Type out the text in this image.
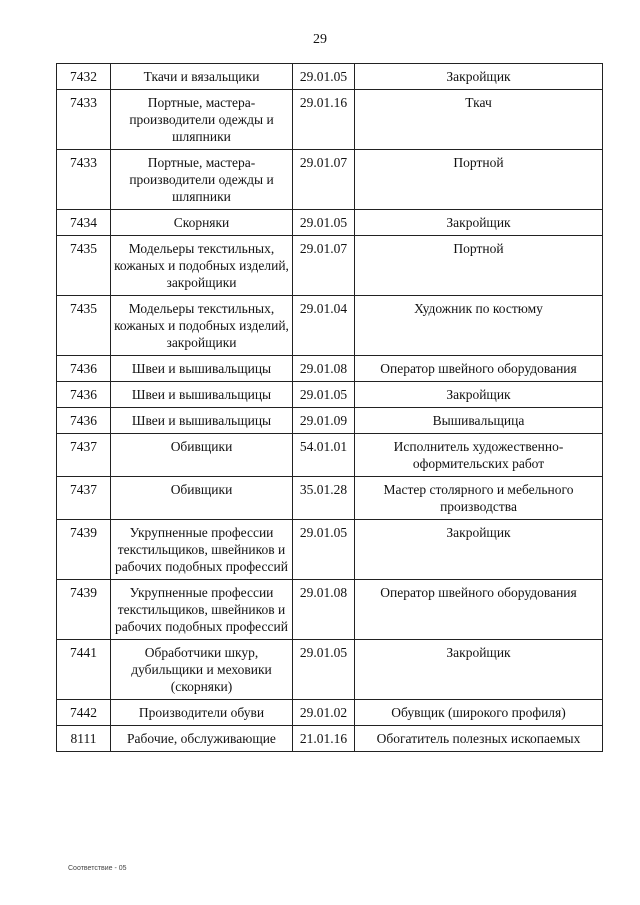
29
7432	Ткачи и вязальщики	29.01.05	Закройщик
7433	Портные, мастера-производители одежды и шляпники	29.01.16	Ткач
7433	Портные, мастера-производители одежды и шляпники	29.01.07	Портной
7434	Скорняки	29.01.05	Закройщик
7435	Модельеры текстильных, кожаных и подобных изделий, закройщики	29.01.07	Портной
7435	Модельеры текстильных, кожаных и подобных изделий, закройщики	29.01.04	Художник по костюму
7436	Швеи и вышивальщицы	29.01.08	Оператор швейного оборудования
7436	Швеи и вышивальщицы	29.01.05	Закройщик
7436	Швеи и вышивальщицы	29.01.09	Вышивальщица
7437	Обивщики	54.01.01	Исполнитель художественно-оформительских работ
7437	Обивщики	35.01.28	Мастер столярного и мебельного производства
7439	Укрупненные профессии текстильщиков, швейников и рабочих подобных профессий	29.01.05	Закройщик
7439	Укрупненные профессии текстильщиков, швейников и рабочих подобных профессий	29.01.08	Оператор швейного оборудования
7441	Обработчики шкур, дубильщики и меховики (скорняки)	29.01.05	Закройщик
7442	Производители обуви	29.01.02	Обувщик (широкого профиля)
8111	Рабочие, обслуживающие	21.01.16	Обогатитель полезных ископаемых
Соответствие - 05
